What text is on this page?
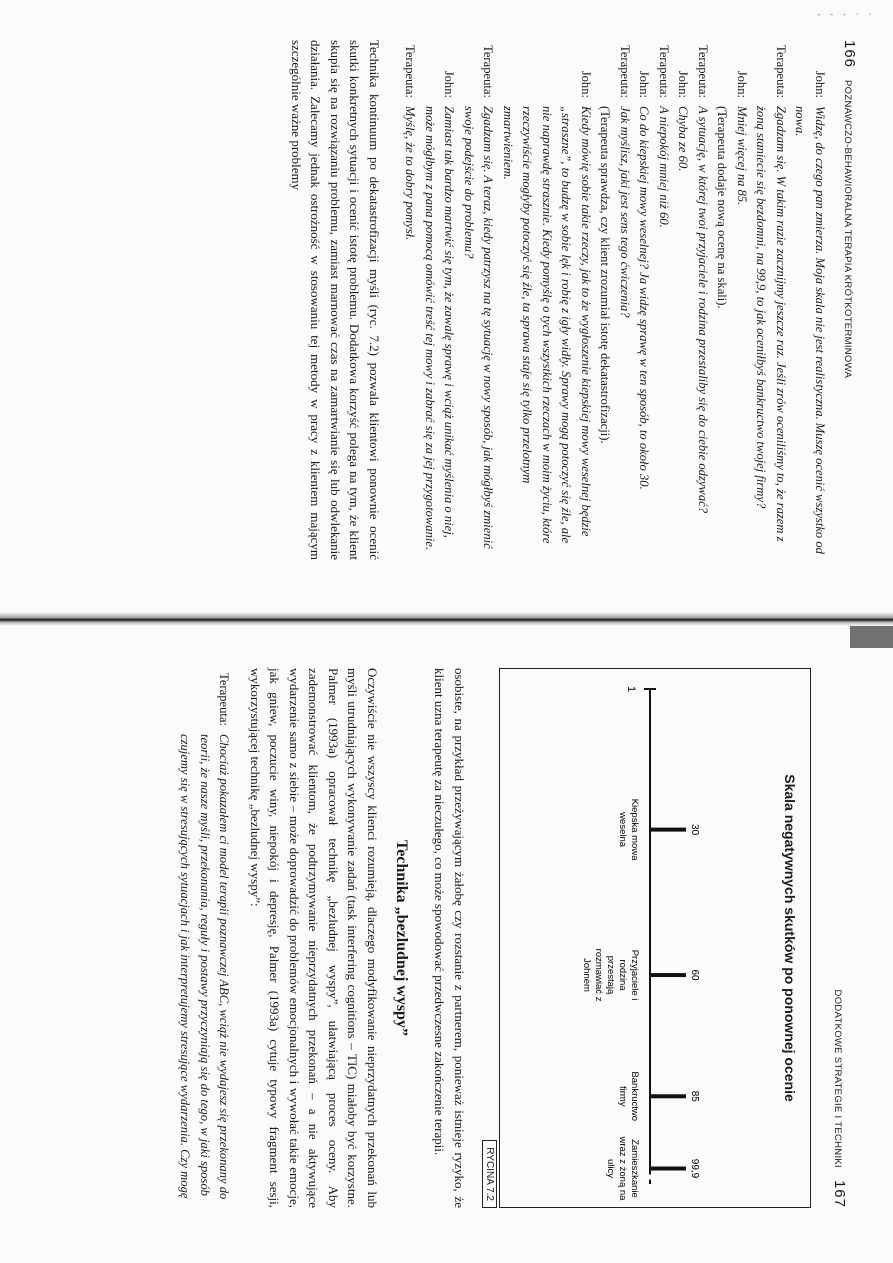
- - - · ·
166
POZNAWCZO-BEHAWIORALNA TERAPIA KRÓTKOTERMINOWA
John:
Widzę, do czego pan zmierza. Moja skala nie jest realistyczna. Muszę ocenić wszystko od nowa.
Terapeuta:
Zgadzam się. W takim razie zacznijmy jeszcze raz. Jeśli zrów oceniliśmy to, że razem z żoną staniecie się bezdomni, na 99,9, to jak oceniłbyś bankructwo twojej firmy?
John:
Mniej więcej na 85.
(Terapeuta dodaje nową ocenę na skali).
Terapeuta:
A sytuację, w której twoi przyjaciele i rodzina przestaliby się do ciebie odzywać?
John:
Chyba ze 60.
Terapeuta:
A niepokój mniej niż 60.
John:
Co do kiepskiej mowy weselnej? Ja widzę sprawę w ten sposób, to około 30.
Terapeuta:
Jak myślisz, jaki jest sens tego ćwiczenia?
(Terapeuta sprawdza, czy klient zrozumiał istotę dekatastrofizacji).
John:
Kiedy mówię sobie takie rzeczy, jak to że wygłoszenie kiepskiej mowy weselnej będzie „straszne”, to budzę w sobie lęk i robię z igły widły. Sprawy mogą potoczyć się źle, ale nie naprawdę strasznie. Kiedy pomyślę o tych wszystkich rzeczach w moim życiu, które rzeczywiście mogłyby potoczyć się źle, ta sprawa staje się tylko przelotnym zmartwieniem.
Terapeuta:
Zgadzam się. A teraz, kiedy patrzysz na tę sytuację w nowy sposób, jak mógłbyś zmienić swoje podejście do problemu?
John:
Zamiast tak bardzo martwić się tym, że zawalę sprawę i wciąż unikać myślenia o niej, może mógłbym z pana pomocą omówić treść tej mowy i zabrać się za jej przygotowanie.
Terapeuta:
Myślę, że to dobry pomysł.
Technika kontinuum po dekatastrofizacji myśli (ryc. 7.2) pozwala klientowi ponownie ocenić skutki konkretnych sytuacji i ocenić istotę problemu. Dodatkowa korzyść polega na tym, że klient skupia się na rozwiązaniu problemu, zamiast marnować czas na zamartwianie się lub odwlekanie działania. Zalecamy jednak ostrożność w stosowaniu tej metody w pracy z klientem mającym szczególnie ważne problemy
DODATKOWE STRATEGIE I TECHNIKI
167
Skala negatywnych skutków po ponownej ocenie
1
30
Kiepska mowa
weselna
60
Przyjaciele i
rodzina
przestają
rozmawiać z
Johnem
85
Bankructwo
firmy
99,9
Zamieszkanie
wraz z żoną na
ulicy
RYCINA 7.2
osobiste, na przykład przeżywającym żałobę czy rozstanie z partnerem, ponieważ istnieje ryzyko, że klient uzna terapeutę za nieczułego, co może spowodować przedwczesne zakończenie terapii.
Technika „bezludnej wyspy”
Oczywiście nie wszyscy klienci rozumieją, dlaczego modyfikowanie nieprzydatnych przekonań lub myśli utrudniających wykonywanie zadań (task interfering cognitions – TIC) miałoby być korzystne. Palmer (1993a) opracował technikę „bezludnej wyspy”, ułatwiającą proces oceny. Aby zademonstrować klientom, że podtrzymywanie nieprzydatnych przekonań – a nie aktywujące wydarzenie samo z siebie – może doprowadzić do problemów emocjonalnych i wywołać takie emocje, jak gniew, poczucie winy, niepokój i depresję, Palmer (1993a) cytuje typowy fragment sesji, wykorzystującej technikę „bezludnej wyspy”:
Terapeuta:
Chociaż pokazałem ci model terapii poznawczej ABC, wciąż nie wydajesz się przekonany do teorii, że nasze myśli, przekonania, reguły i postawy przyczyniają się do tego, w jaki sposób czujemy się w stresujących sytuacjach i jak interpretujemy stresujące wydarzenia. Czy mogę
